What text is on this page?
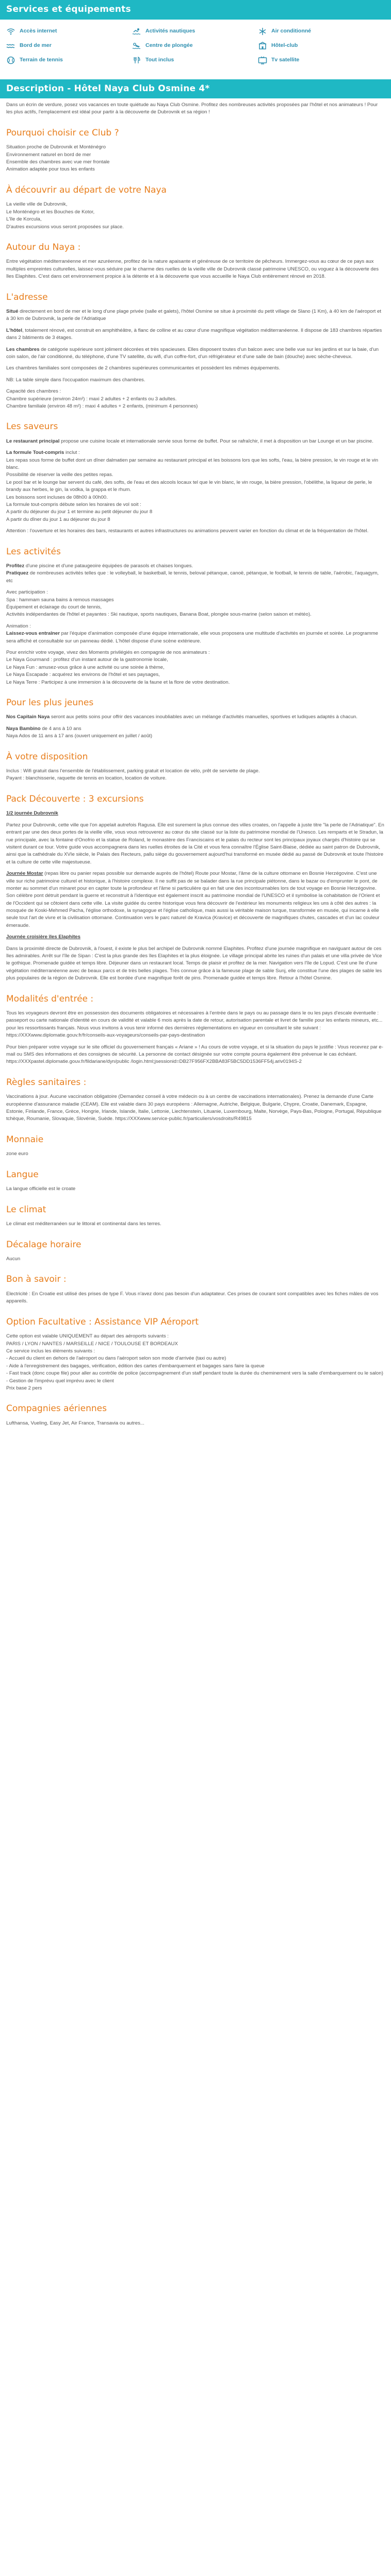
Services et équipements
Accès internet	Activités nautiques	Air conditionné
Bord de mer	Centre de plongée	Hôtel-club
Terrain de tennis	Tout inclus	Tv satellite
Description - Hôtel Naya Club Osmine 4*

Dans un écrin de verdure, posez vos vacances en toute quiétude au Naya Club Osmine. Profitez des nombreuses activités proposées par l'hôtel et nos animateurs ! Pour les plus actifs, l'emplacement est idéal pour partir à la découverte de Dubrovnik et sa région !

Pourquoi choisir ce Club ?
Situation proche de Dubrovnik et Monténégro
Environnement naturel en bord de mer
Ensemble des chambres avec vue mer frontale
Animation adaptée pour tous les enfants
À découvrir au départ de votre Naya
La vieille ville de Dubrovnik,
Le Monténégro et les Bouches de Kotor,
L'île de Korcula,
D'autres excursions vous seront proposées sur place.
Autour du Naya :

Entre végétation méditerranéenne et mer azuréenne, profitez de la nature apaisante et généreuse de ce territoire de pêcheurs. Immergez-vous au cœur de ce pays aux multiples empreintes culturelles, laissez-vous séduire par le charme des ruelles de la vieille ville de Dubrovnik classé patrimoine UNESCO, ou voguez à la découverte des îles Elaphites. C'est dans cet environnement propice à la détente et à la découverte que vous accueille le Naya Club entièrement rénové en 2018.

L'adresse

Situé directement en bord de mer et le long d'une plage privée (salle et galets), l'hôtel Osmine se situe à proximité du petit village de Slano (1 Km), à 40 km de l'aéroport et à 30 km de Dubrovnik, la perle de l'Adriatique

L'hôtel, totalement rénové, est construit en amphithéâtre, à flanc de colline et au cœur d'une magnifique végétation méditerranéenne. Il dispose de 183 chambres réparties dans 2 bâtiments de 3 étages.

Les chambres de catégorie supérieure sont joliment décorées et très spacieuses. Elles disposent toutes d'un balcon avec une belle vue sur les jardins et sur la baie, d'un coin salon, de l'air conditionné, du téléphone, d'une TV satellite, du wifi, d'un coffre-fort, d'un réfrigérateur et d'une salle de bain (douche) avec sèche-cheveux.

Les chambres familiales sont composées de 2 chambres supérieures communicantes et possèdent les mêmes équipements.

NB: La table simple dans l'occupation maximum des chambres.

Capacité des chambres :
Chambre supérieure (environ 24m²) : maxi 2 adultes + 2 enfants ou 3 adultes.
Chambre familiale (environ 48 m²) : maxi 4 adultes + 2 enfants, (minimum 4 personnes)
Les saveurs

Le restaurant principal propose une cuisine locale et internationale servie sous forme de buffet. Pour se rafraîchir, il met à disposition un bar Lounge et un bar piscine.

La formule Tout-compris inclut :
Les repas sous forme de buffet dont un dîner dalmatien par semaine au restaurant principal et les boissons lors que les softs, l'eau, la bière pression, le vin rouge et le vin blanc.
Possibilité de réserver la veille des petites repas.
Le pool bar et le lounge bar servent du café, des softs, de l'eau et des alcools locaux tel que le vin blanc, le vin rouge, la bière pression, l'obélithe, la liqueur de perle, le brandy aux herbes, le gin, la vodka, la grappa et le rhum.
Les boissons sont incluses de 08h00 à 00h00.
La formule tout-compris débute selon les horaires de vol soit :
A partir du déjeuner du jour 1 et termine au petit déjeuner du jour 8
A partir du dîner du jour 1 au déjeuner du jour 8

Attention : l'ouverture et les horaires des bars, restaurants et autres infrastructures ou animations peuvent varier en fonction du climat et de la fréquentation de l'hôtel.

Les activités
Profitez d'une piscine et d'une pataugeoire équipées de parasols et chaises longues.

Pratiquez de nombreuses activités telles que : le volleyball, le basketball, le tennis, beloval pétanque, canoë, pétanque, le football, le tennis de table, l'aérobic, l'aquagym, etc

Avec participation :
Spa : hammam sauna bains à remous massages
Équipement et éclairage du court de tennis,

Activités indépendantes de l'hôtel et payantes : Ski nautique, sports nautiques, Banana Boat, plongée sous-marine (selon saison et météo).

Animation :

Laissez-vous entraîner par l'équipe d'animation composée d'une équipe internationale, elle vous proposera une multitude d'activités en journée et soirée. Le programme sera affiché et consultable sur un panneau dédié. L'hôtel dispose d'une scène extérieure.

Pour enrichir votre voyage, vivez des Moments privilégiés en compagnie de nos animateurs :
Le Naya Gourmand : profitez d'un instant autour de la gastronomie locale,
Le Naya Fun : amusez-vous grâce à une activité ou une soirée à thème,
Le Naya Escapade : acquérez les environs de l'hôtel et ses paysages,
Le Naya Terre : Participez à une immersion à la découverte de la faune et la flore de votre destination.
Pour les plus jeunes

Nos Capitain Naya seront aux petits soins pour offrir des vacances inoubliables avec un mélange d'activités manuelles, sportives et ludiques adaptés à chacun.

Naya Bambino de 4 ans à 10 ans
Naya Ados de 11 ans à 17 ans (ouvert uniquement en juillet / août)
À votre disposition
Inclus : Wifi gratuit dans l'ensemble de l'établissement, parking gratuit et location de vélo, prêt de serviette de plage.
Payant : blanchisserie, raquette de tennis en location, location de voiture.
Pack Découverte : 3 excursions

1/2 journée Dubrovnik

Partez pour Dubrovnik, cette ville que l'on appelait autrefois Ragusa. Elle est surement la plus connue des villes croates, on l'appelle à juste titre "la perle de l'Adriatique". En entrant par une des deux portes de la vieille ville, vous vous retrouverez au cœur du site classé sur la liste du patrimoine mondial de l'Unesco. Les remparts et le Stradun, la rue principale, avec la fontaine d'Onofrio et la statue de Roland, le monastère des Franciscains et le palais du recteur sont les principaux joyaux chargés d'histoire qui se visitent durant ce tour. Votre guide vous accompagnera dans les ruelles étroites de la Cité et vous fera connaître l'Église Saint-Blaise, dédiée au saint patron de Dubrovnik, ainsi que la cathédrale du XVIe siècle, le Palais des Recteurs, pallu siège du gouvernement aujourd'hui transformé en musée dédié au passé de Dubrovnik et toute l'histoire et la culture de cette ville majestueuse.

Journée Mostar (repas libre ou panier repas possible sur demande auprès de l'hôtel) Route pour Mostar, l'âme de la culture ottomane en Bosnie Herzégovine. C'est une ville sur riche patrimoine culturel et historique, à l'histoire complexe. Il ne suffit pas de se balader dans la rue principale piétonne, dans le bazar ou d'emprunter le pont, de monter au sommet d'un minaret pour en capter toute la profondeur et l'âme si particulière qui en fait une des incontournables lors de tout voyage en Bosnie Herzégovine. Son célèbre pont détruit pendant la guerre et reconstruit à l'identique est également inscrit au patrimoine mondial de l'UNESCO et il symbolise la cohabitation de l'Orient et de l'Occident qui se côtoient dans cette ville. La visite guidée du centre historique vous fera découvrir de l'extérieur les monuments religieux les uns à côté des autres : la mosquée de Koski-Mehmed Pacha, l'église orthodoxe, la synagogue et l'église catholique, mais aussi la véritable maison turque, transformée en musée, qui incarne à elle seule tout l'art de vivre et la civilisation ottomane. Continuation vers le parc naturel de Kravica (Kravice) et découverte de magnifiques chutes, cascades et d'un lac couleur émeraude.

Journée croisière îles Elaphites

Dans la proximité directe de Dubrovnik, à l'ouest, il existe le plus bel archipel de Dubrovnik nommé Elaphites. Profitez d'une journée magnifique en naviguant autour de ces îles admirables. Arrêt sur l'île de Sipan : C'est la plus grande des îles Elaphites et la plus éloignée. Le village principal abrite les ruines d'un palais et une villa privée de Vice le gothique. Promenade guidée et temps libre. Déjeuner dans un restaurant local. Temps de plaisir et profitez de la mer. Navigation vers l'île de Lopud. C'est une île d'une végétation méditerranéenne avec de beaux parcs et de très belles plages. Très connue grâce à la fameuse plage de sable Sunj, elle constitue l'une des plages de sable les plus populaires de la région de Dubrovnik. Elle est bordée d'une magnifique forêt de pins. Promenade guidée et temps libre. Retour à l'hôtel Osmine.

Modalités d'entrée :

Tous les voyageurs devront être en possession des documents obligatoires et nécessaires à l'entrée dans le pays ou au passage dans le ou les pays d'escale éventuelle : passeport ou carte nationale d'identité en cours de validité et valable 6 mois après la date de retour, autorisation parentale et livret de famille pour les enfants mineurs, etc... pour les ressortissants français. Nous vous invitons à vous tenir informé des dernières réglementations en vigueur en consultant le site suivant : https://XXXwww.diplomatie.gouv.fr/fr/conseils-aux-voyageurs/conseils-par-pays-destination

Pour bien préparer votre voyage sur le site officiel du gouvernement français « Ariane » ! Au cours de votre voyage, et si la situation du pays le justifie : Vous recevrez par e-mail ou SMS des informations et des consignes de sécurité. La personne de contact désignée sur votre compte pourra également être prévenue le cas échéant. https://XXXpastel.diplomatie.gouv.fr/fildariane/dyn/public /login.html;jsessionid=DB27F956FX2BBA83F5BC5DD1536FF54j.ariv0194S-2

Règles sanitaires :

Vaccinations à jour. Aucune vaccination obligatoire (Demandez conseil à votre médecin ou à un centre de vaccinations internationales). Prenez la demande d'une Carte européenne d'assurance maladie (CEAM). Elle est valable dans 30 pays européens : Allemagne, Autriche, Belgique, Bulgarie, Chypre, Croatie, Danemark, Espagne, Estonie, Finlande, France, Grèce, Hongrie, Irlande, Islande, Italie, Lettonie, Liechtenstein, Lituanie, Luxembourg, Malte, Norvège, Pays-Bas, Pologne, Portugal, République tchèque, Roumanie, Slovaquie, Slovénie, Suède. https://XXXwww.service-public.fr/particuliers/vosdroits/R49815

Monnaie

zone euro

Langue

La langue officielle est le croate

Le climat

Le climat est méditerranéen sur le littoral et continental dans les terres.

Décalage horaire

Aucun

Bon à savoir :

Electricité : En Croatie est utilisé des prises de type F. Vous n'avez donc pas besoin d'un adaptateur. Ces prises de courant sont compatibles avec les fiches mâles de vos appareils.

Option Facultative : Assistance VIP Aéroport
Cette option est valable UNIQUEMENT au départ des aéroports suivants :
PARIS / LYON / NANTES / MARSEILLE / NICE / TOULOUSE ET BORDEAUX
Ce service inclus les éléments suivants :
- Accueil du client en dehors de l'aéroport ou dans l'aéroport selon son mode d'arrivée (taxi ou autre)
- Aide à l'enregistrement des bagages, vérification, édition des cartes d'embarquement et bagages sans faire la queue
- Fast track (donc coupe file) pour aller au contrôle de police (accompagnement d'un staff pendant toute la durée du cheminement vers la salle d'embarquement ou le salon)
- Gestion de l'imprévu quel imprévu avec le client
Prix base 2 pers
Compagnies aériennes

Lufthansa, Vueling, Easy Jet, Air France, Transavia ou autres...
